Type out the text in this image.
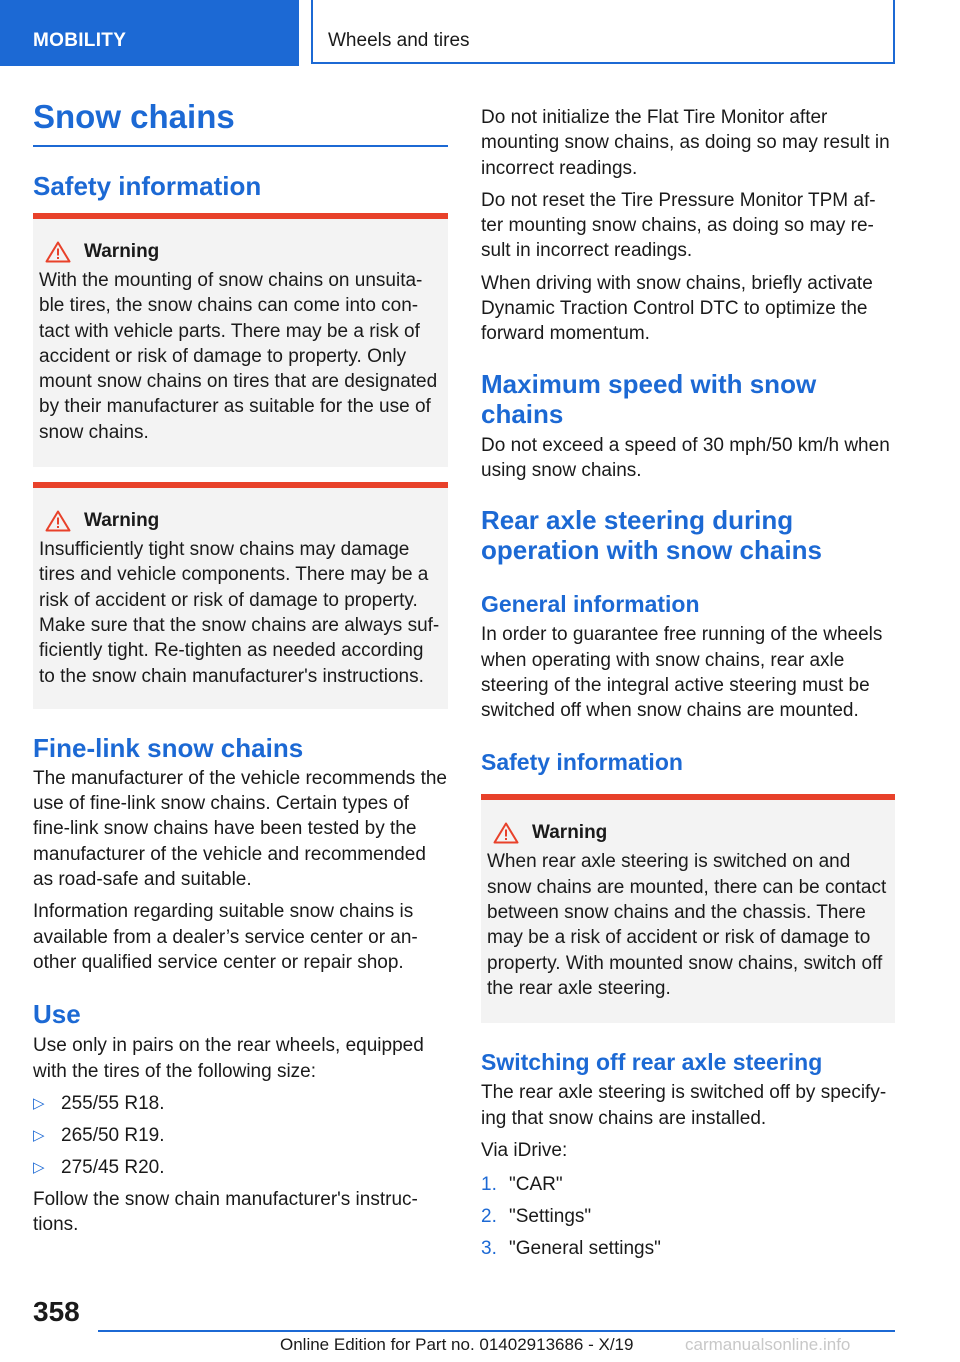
MOBILITY	Wheels and tires
Snow chains
Safety information
Warning

With the mounting of snow chains on unsuita-ble tires, the snow chains can come into con-tact with vehicle parts. There may be a risk of accident or risk of damage to property. Only mount snow chains on tires that are designated by their manufacturer as suitable for the use of snow chains.

Warning

Insufficiently tight snow chains may damage tires and vehicle components. There may be a risk of accident or risk of damage to property. Make sure that the snow chains are always suf-ficiently tight. Re-tighten as needed according to the snow chain manufacturer's instructions.

Fine-link snow chains

The manufacturer of the vehicle recommends the use of fine-link snow chains. Certain types of fine-link snow chains have been tested by the manufacturer of the vehicle and recommended as road-safe and suitable.

Information regarding suitable snow chains is available from a dealer’s service center or an-other qualified service center or repair shop.

Use

Use only in pairs on the rear wheels, equipped with the tires of the following size:

▷ 255/55 R18.
▷ 265/50 R19.
▷ 275/45 R20.

Follow the snow chain manufacturer's instruc-tions.

Do not initialize the Flat Tire Monitor after mounting snow chains, as doing so may result in incorrect readings.

Do not reset the Tire Pressure Monitor TPM af-ter mounting snow chains, as doing so may re-sult in incorrect readings.

When driving with snow chains, briefly activate Dynamic Traction Control DTC to optimize the forward momentum.

Maximum speed with snow chains

Do not exceed a speed of 30 mph/50 km/h when using snow chains.

Rear axle steering during operation with snow chains
General information

In order to guarantee free running of the wheels when operating with snow chains, rear axle steering of the integral active steering must be switched off when snow chains are mounted.

Safety information
Warning

When rear axle steering is switched on and snow chains are mounted, there can be contact between snow chains and the chassis. There may be a risk of accident or risk of damage to property. With mounted snow chains, switch off the rear axle steering.

Switching off rear axle steering

The rear axle steering is switched off by specify-ing that snow chains are installed.

Via iDrive:

1. "CAR"
2. "Settings"
3. "General settings"
358
Online Edition for Part no. 01402913686 - X/19	carmanualsonline.info
